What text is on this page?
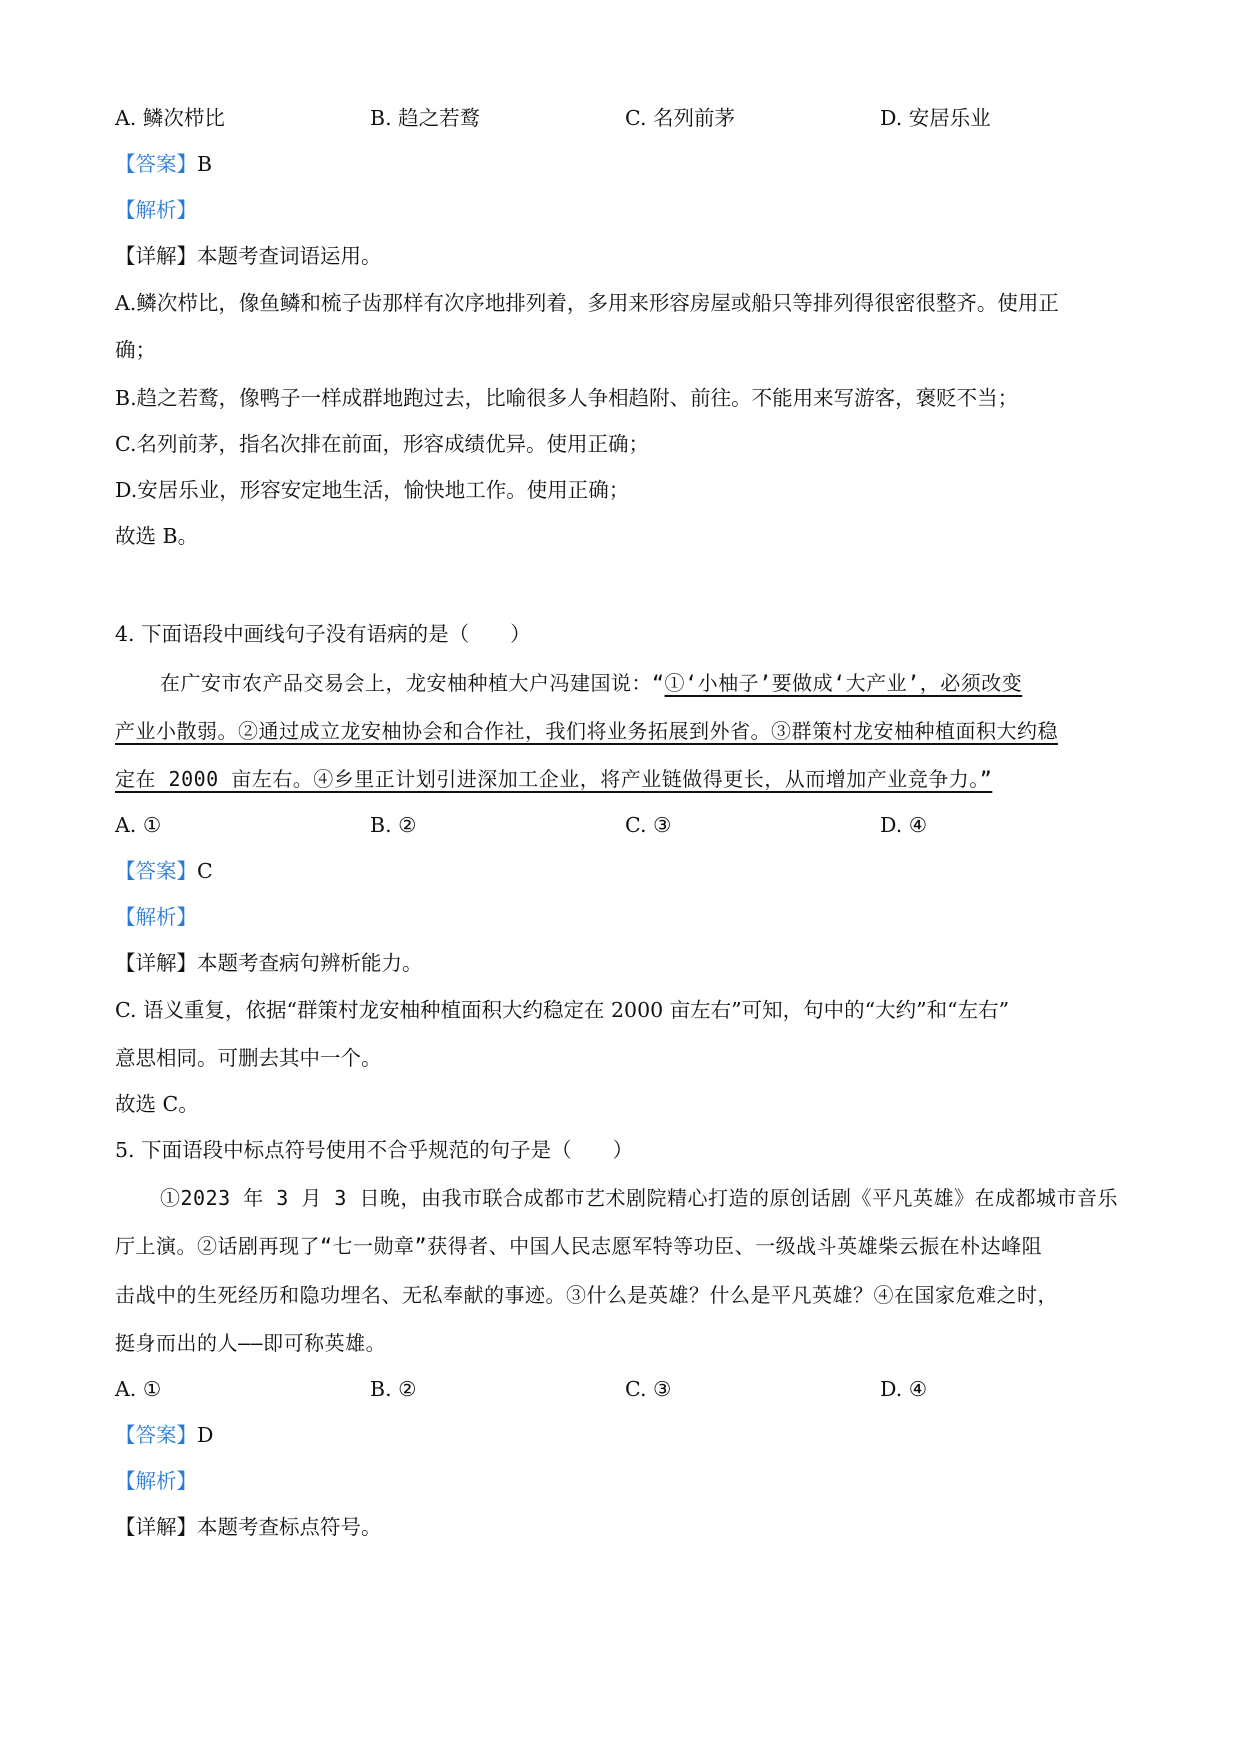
A. 鳞次栉比	B. 趋之若鹜	C. 名列前茅	D. 安居乐业
【答案】B
【解析】
【详解】本题考查词语运用。
A.鳞次栉比，像鱼鳞和梳子齿那样有次序地排列着，多用来形容房屋或船只等排列得很密很整齐。使用正
确；
B.趋之若鹜，像鸭子一样成群地跑过去，比喻很多人争相趋附、前往。不能用来写游客，褒贬不当；
C.名列前茅，指名次排在前面，形容成绩优异。使用正确；
D.安居乐业，形容安定地生活，愉快地工作。使用正确；
故选 B。
4. 下面语段中画线句子没有语病的是（　　）
在广安市农产品交易会上，龙安柚种植大户冯建国说：“①‘小柚子’要做成‘大产业’，必须改变
产业小散弱。②通过成立龙安柚协会和合作社，我们将业务拓展到外省。③群策村龙安柚种植面积大约稳
定在 2000 亩左右。④乡里正计划引进深加工企业，将产业链做得更长，从而增加产业竞争力。”
A. ①	B. ②	C. ③	D. ④
【答案】C
【解析】
【详解】本题考查病句辨析能力。
C. 语义重复，依据“群策村龙安柚种植面积大约稳定在 2000 亩左右”可知，句中的“大约”和“左右”
意思相同。可删去其中一个。
故选 C。
5. 下面语段中标点符号使用不合乎规范的句子是（　　）
①2023 年 3 月 3 日晚，由我市联合成都市艺术剧院精心打造的原创话剧《平凡英雄》在成都城市音乐
厅上演。②话剧再现了“七一勋章”获得者、中国人民志愿军特等功臣、一级战斗英雄柴云振在朴达峰阻
击战中的生死经历和隐功埋名、无私奉献的事迹。③什么是英雄？什么是平凡英雄？④在国家危难之时，
挺身而出的人——即可称英雄。
A. ①	B. ②	C. ③	D. ④
【答案】D
【解析】
【详解】本题考查标点符号。
